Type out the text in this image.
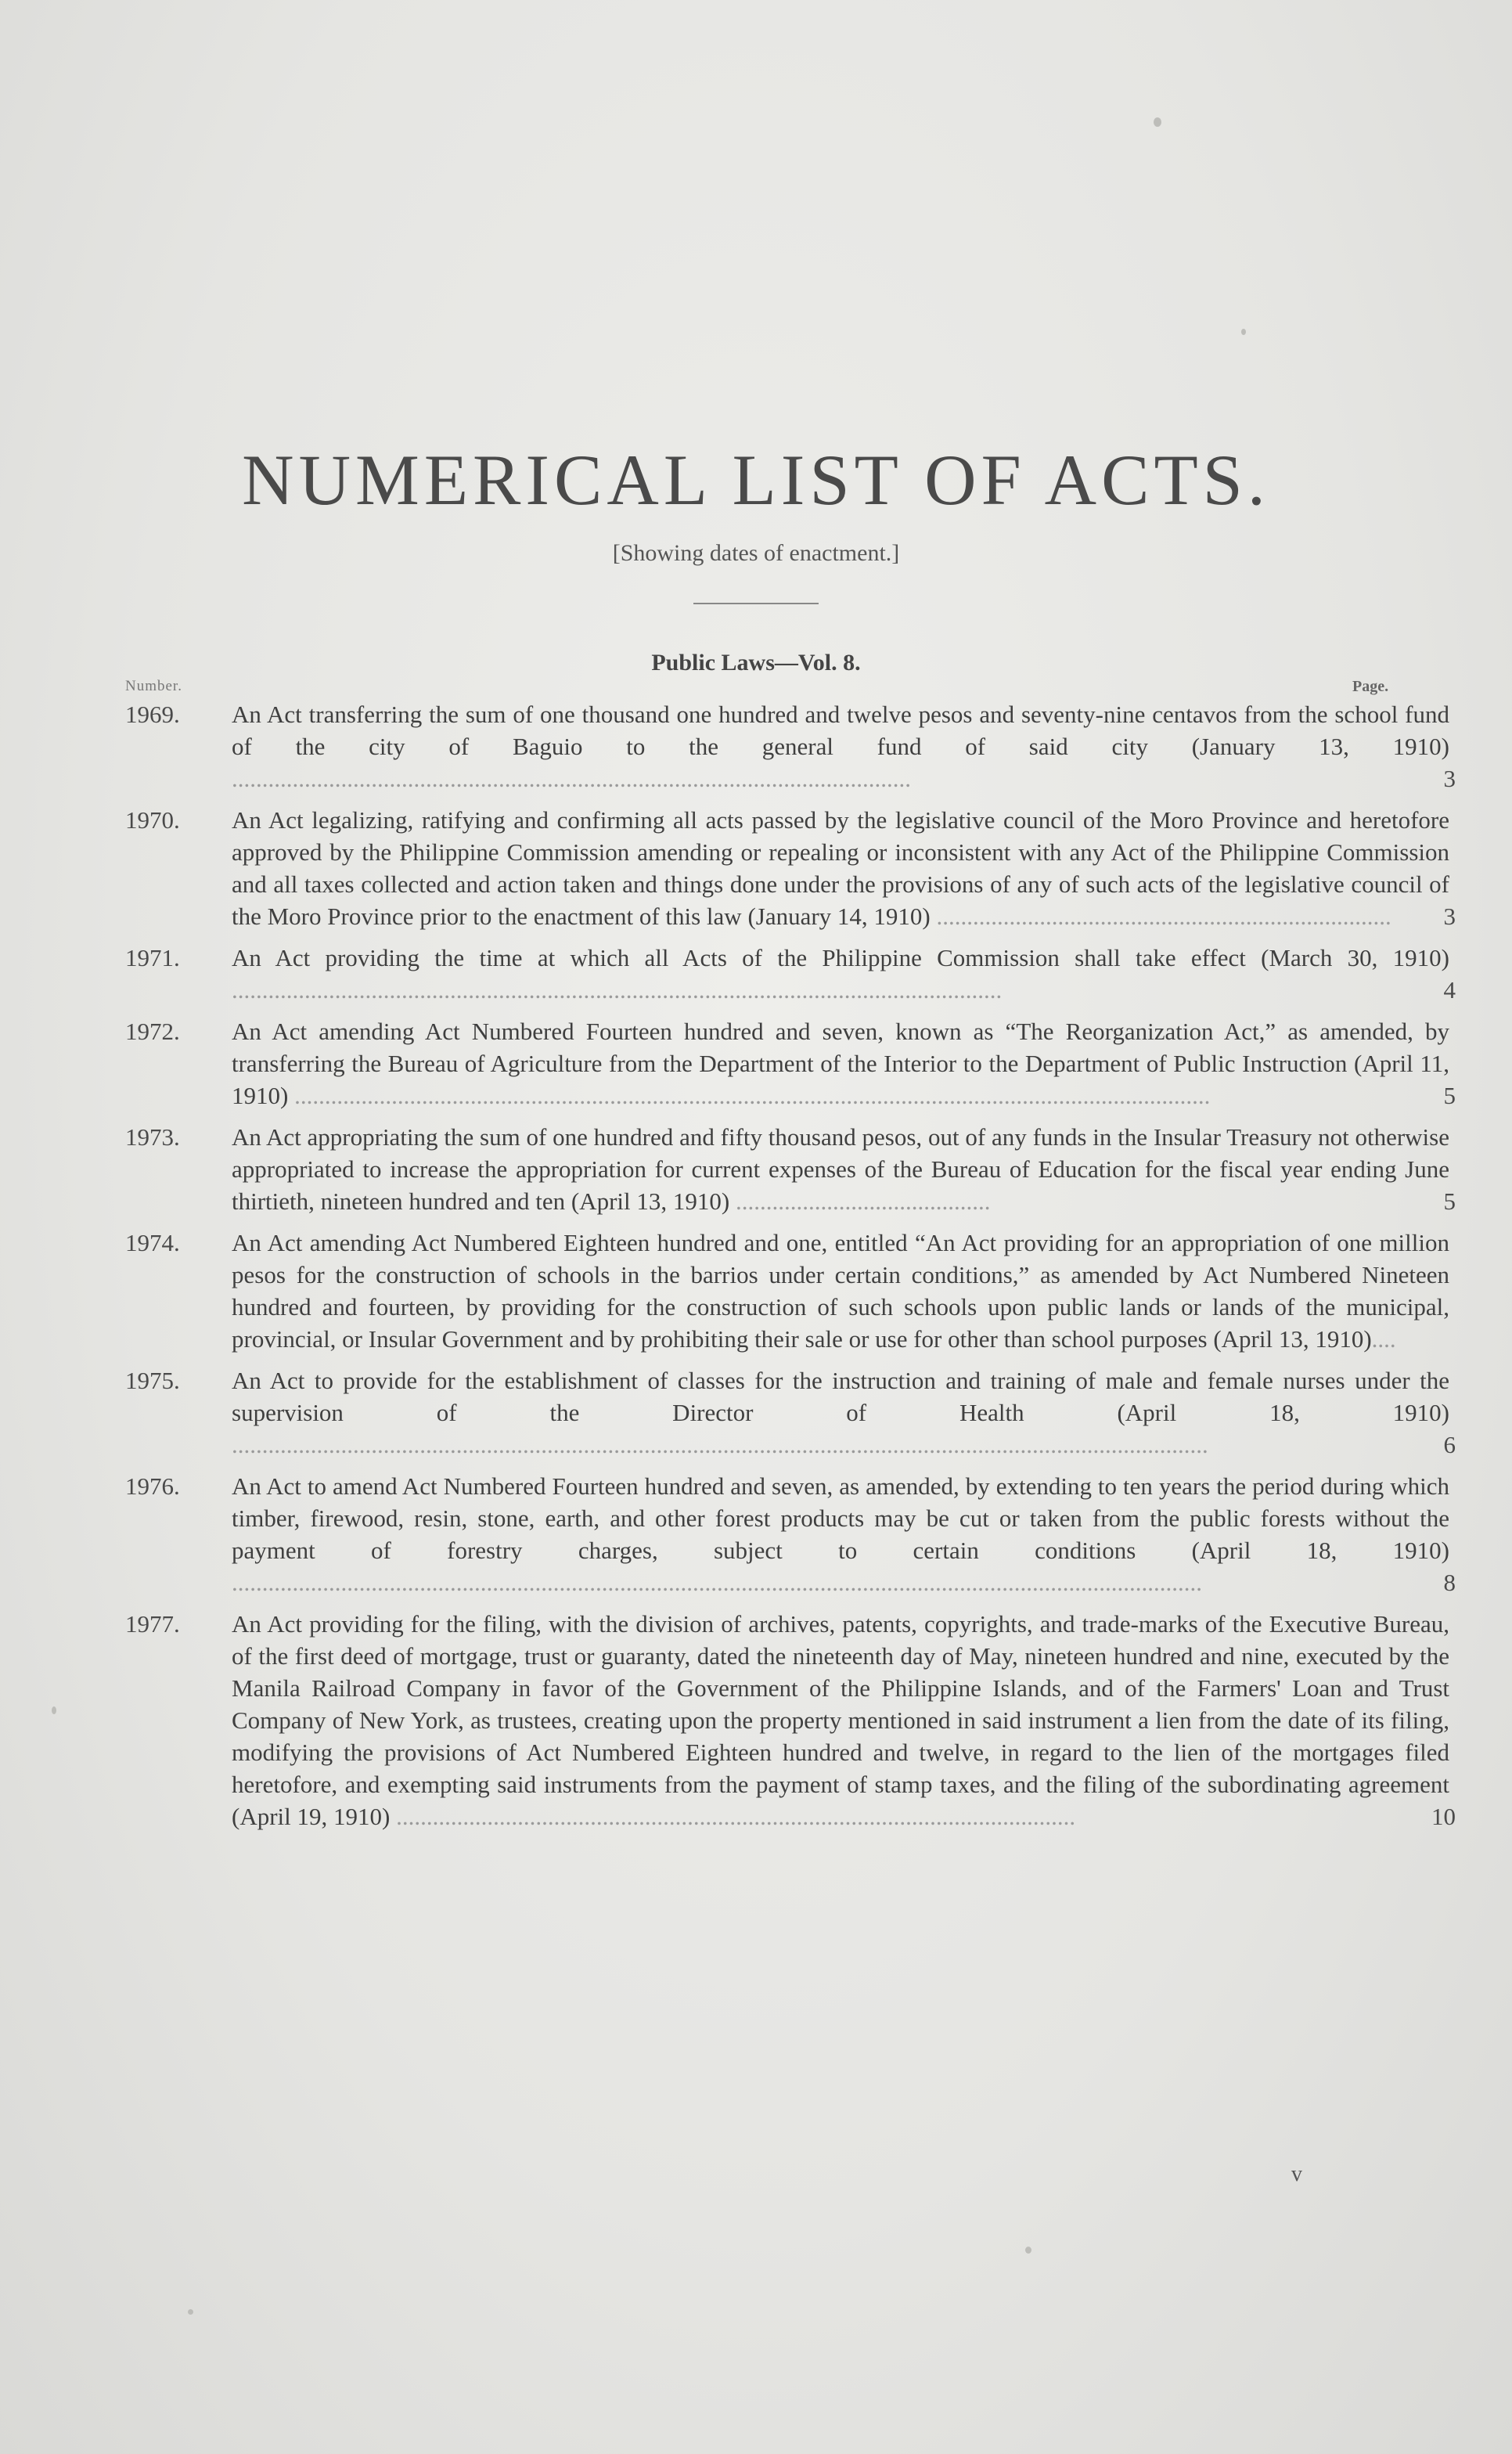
NUMERICAL LIST OF ACTS.
[Showing dates of enactment.]
Public Laws—Vol. 8.
Number.	Page.
1969. An Act transferring the sum of one thousand one hundred and twelve pesos and seventy-nine centavos from the school fund of the city of Baguio to the general fund of said city (January 13, 1910) ................................................................................................................	3
1970. An Act legalizing, ratifying and confirming all acts passed by the legislative council of the Moro Province and heretofore approved by the Philippine Commission amending or repealing or inconsistent with any Act of the Philippine Commission and all taxes collected and action taken and things done under the provisions of any of such acts of the legislative council of the Moro Province prior to the enactment of this law (January 14, 1910) ...........................................................................	3
1971. An Act providing the time at which all Acts of the Philippine Commission shall take effect (March 30, 1910) ...............................................................................................................................	4
1972. An Act amending Act Numbered Fourteen hundred and seven, known as “The Reorganization Act,” as amended, by transferring the Bureau of Agriculture from the Department of the Interior to the Department of Public Instruction (April 11, 1910) .......................................................................................................................................................	5
1973. An Act appropriating the sum of one hundred and fifty thousand pesos, out of any funds in the Insular Treasury not otherwise appropriated to increase the appropriation for current expenses of the Bureau of Education for the fiscal year ending June thirtieth, nineteen hundred and ten (April 13, 1910) ..........................................	5
1974. An Act amending Act Numbered Eighteen hundred and one, entitled “An Act providing for an appropriation of one million pesos for the construction of schools in the barrios under certain conditions,” as amended by Act Numbered Nineteen hundred and fourteen, by providing for the construction of such schools upon public lands or lands of the municipal, provincial, or Insular Government and by prohibiting their sale or use for other than school purposes (April 13, 1910)....
1975. An Act to provide for the establishment of classes for the instruction and training of male and female nurses under the supervision of the Director of Health (April 18, 1910) .................................................................................................................................................................	6
1976. An Act to amend Act Numbered Fourteen hundred and seven, as amended, by extending to ten years the period during which timber, firewood, resin, stone, earth, and other forest products may be cut or taken from the public forests without the payment of forestry charges, subject to certain conditions (April 18, 1910) ................................................................................................................................................................	8
1977. An Act providing for the filing, with the division of archives, patents, copyrights, and trade-marks of the Executive Bureau, of the first deed of mortgage, trust or guaranty, dated the nineteenth day of May, nineteen hundred and nine, executed by the Manila Railroad Company in favor of the Government of the Philippine Islands, and of the Farmers' Loan and Trust Company of New York, as trustees, creating upon the property mentioned in said instrument a lien from the date of its filing, modifying the provisions of Act Numbered Eighteen hundred and twelve, in regard to the lien of the mortgages filed heretofore, and exempting said instruments from the payment of stamp taxes, and the filing of the subordinating agreement (April 19, 1910) ................................................................................................................	10
v
